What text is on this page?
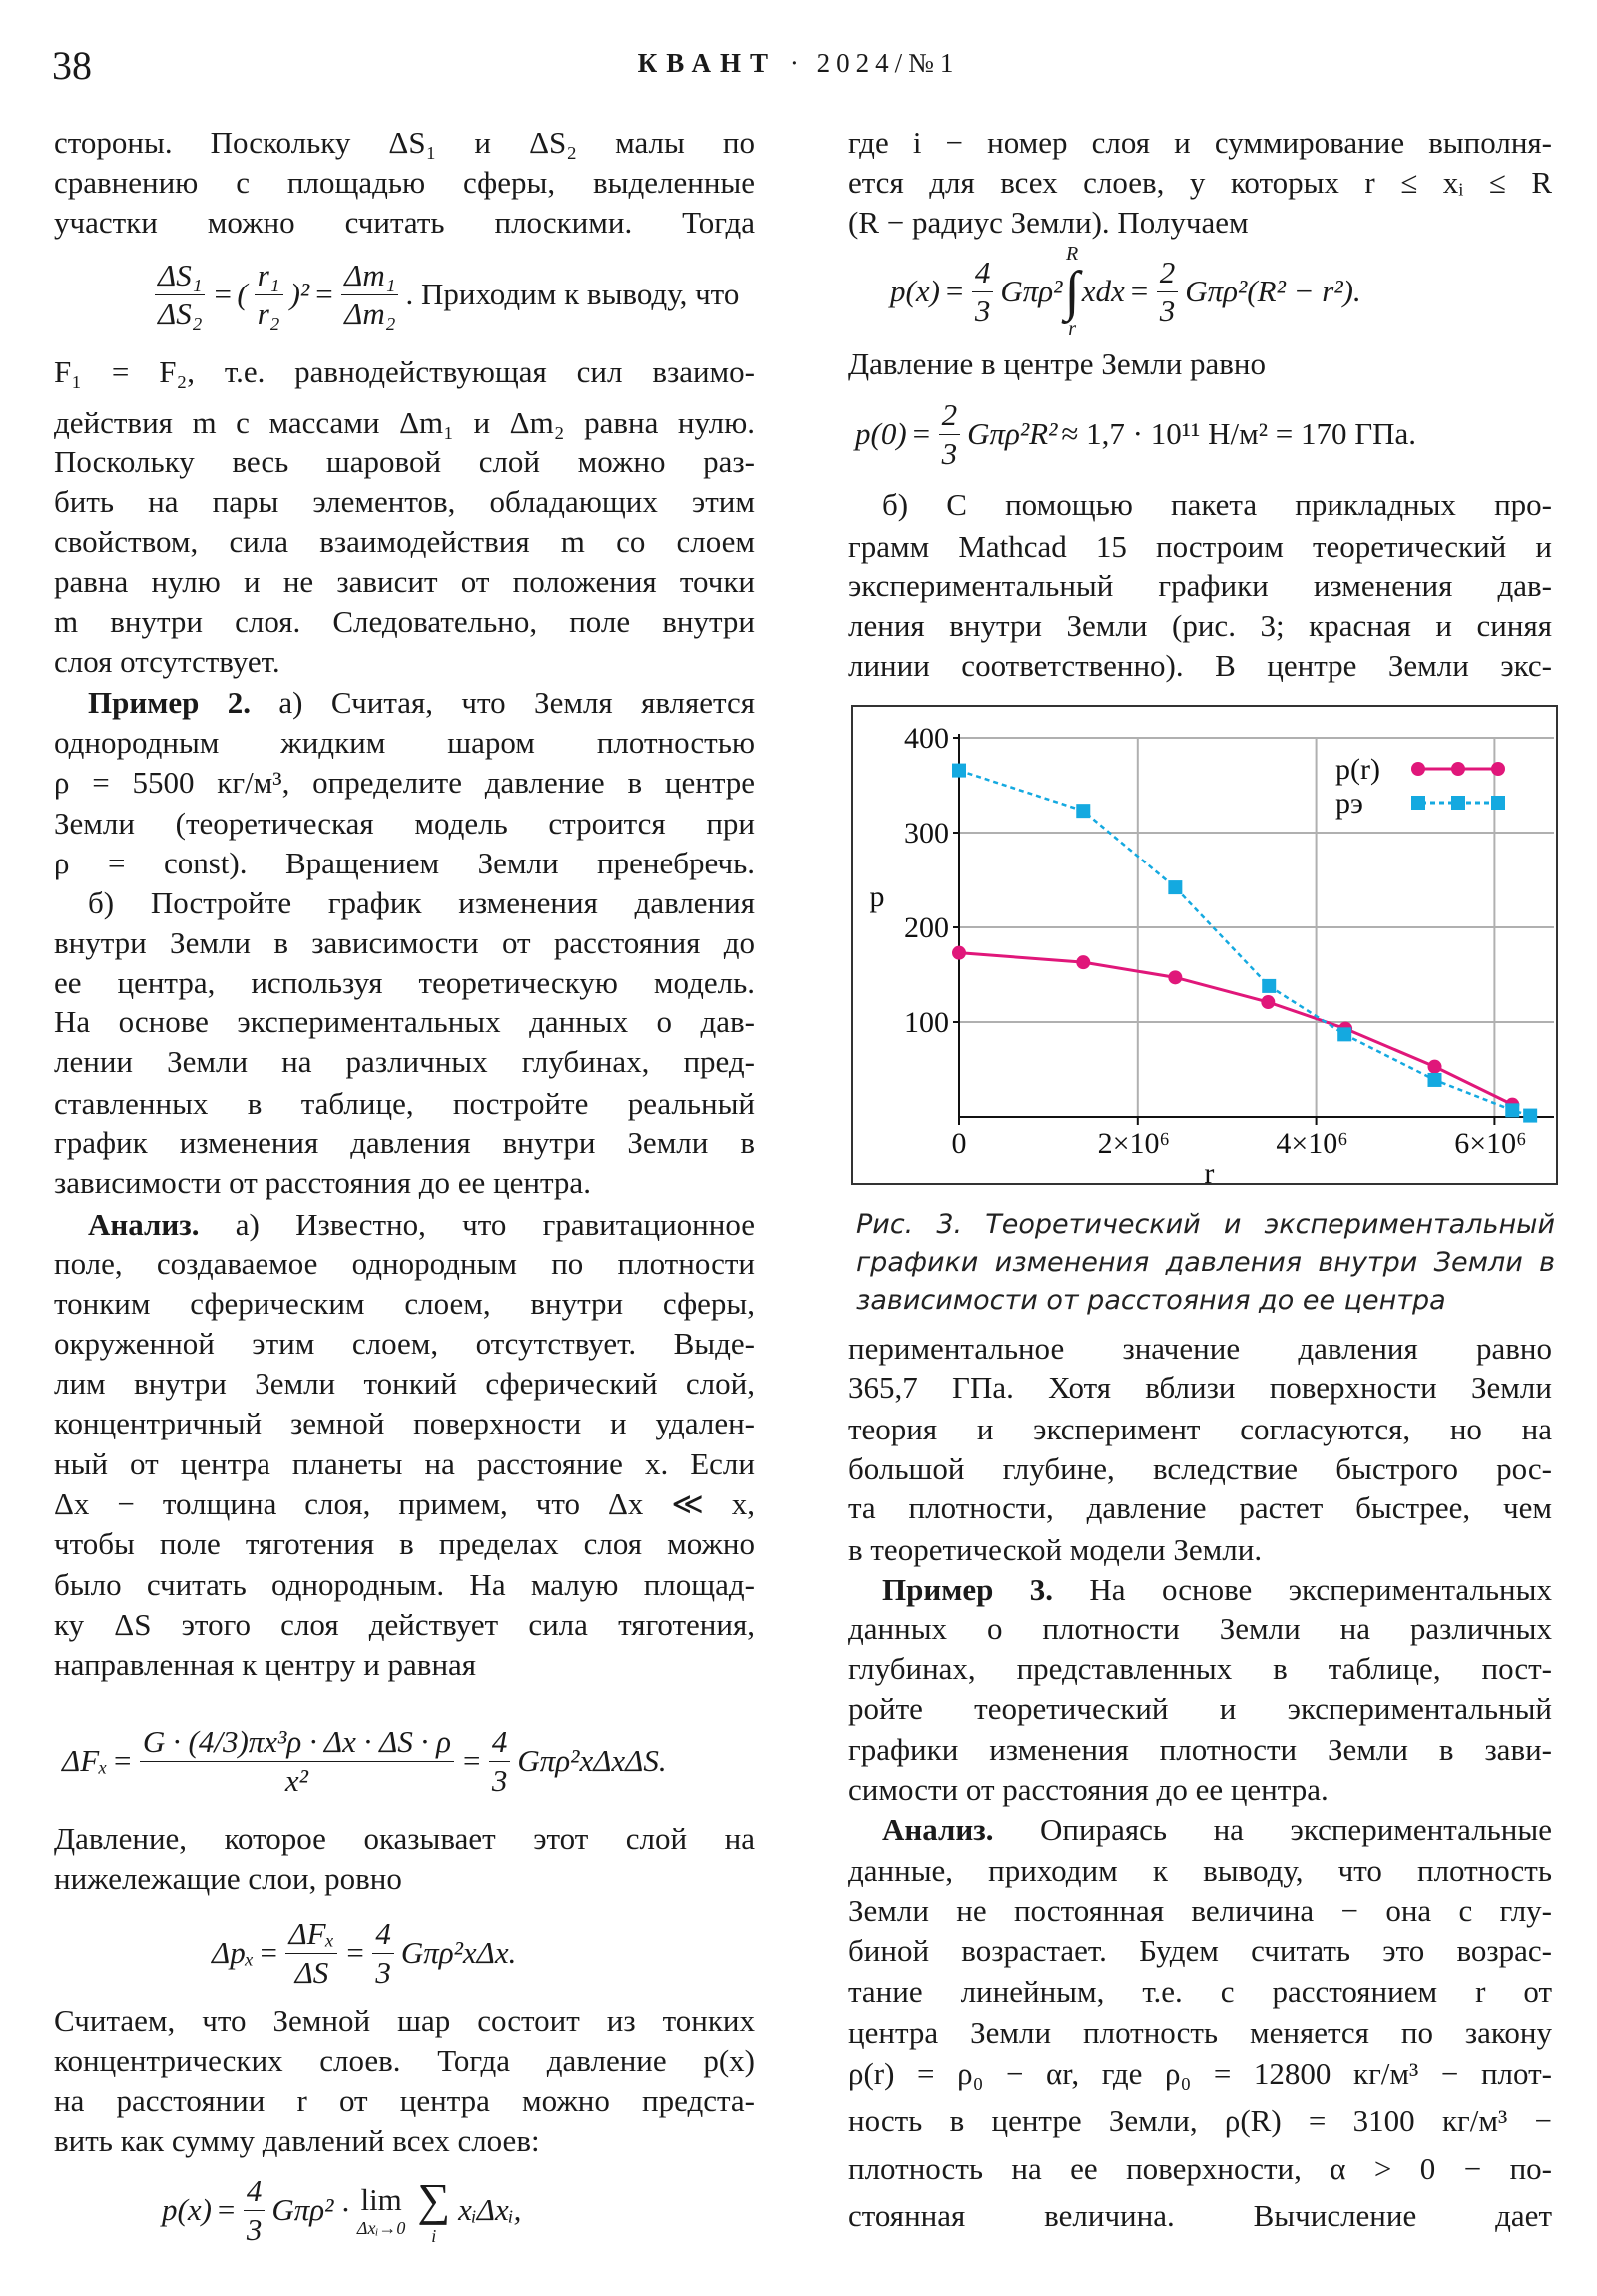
38	КВАНТ · 2024/№1
0	2×10⁶	4×10⁶	6×10⁶
100
200
300
400
r
p
p(r)
pэ
стороны. Поскольку ΔS₁ и ΔS₂ малы по
сравнению с площадью сферы, выделенные
участки можно считать плоскими. Тогда
$\frac{\text{ΔS₁}}{\text{ΔS₂}}$ = ( $\frac{\text{r₁}}{\text{r₂}} )^2 = \frac{\text{Δm₁}}{\text{Δm₂}}$ . Приходим к выводу, что
F₁ = F₂, т.е. равнодействующая сил взаимо-
действия m с массами Δm₁ и Δm₂ равна нулю.
Поскольку весь шаровой слой можно раз-
бить на пары элементов, обладающих этим
свойством, сила взаимодействия m со слоем
равна нулю и не зависит от положения точки
m внутри слоя. Следовательно, поле внутри
слоя отсутствует.
Пример 2. а) Считая, что Земля является
однородным жидким шаром плотностью
ρ = 5500 кг/м³, определите давление в центре
Земли (теоретическая модель строится при
ρ = const). Вращением Земли пренебречь.
б) Постройте график изменения давления
внутри Земли в зависимости от расстояния до
ее центра, используя теоретическую модель.
На основе экспериментальных данных о дав-
лении Земли на различных глубинах, пред-
ставленных в таблице, постройте реальный
график изменения давления внутри Земли в
зависимости от расстояния до ее центра.
Анализ. а) Известно, что гравитационное
поле, создаваемое однородным по плотности
тонким сферическим слоем, внутри сферы,
окруженной этим слоем, отсутствует. Выде-
лим внутри Земли тонкий сферический слой,
концентричный земной поверхности и удален-
ный от центра планеты на расстояние x. Если
Δx − толщина слоя, примем, что Δx ≪ x,
чтобы поле тяготения в пределах слоя можно
было считать однородным. На малую площад-
ку ΔS этого слоя действует сила тяготения,
направленная к центру и равная
$\Delta F_x = \frac{\text{G · (4/3)πx³ρ · Δx · ΔS · ρ}}{\text{x²}} = \frac{4}{3} G\pi\rho^2x\Delta x\Delta S$.
Давление, которое оказывает этот слой на
нижележащие слои, ровно
$\Delta p_x = \frac{\text{ΔFₓ}}{\Delta S} = \frac{4}{3} G\pi\rho^2x\Delta x$.
Считаем, что Земной шар состоит из тонких
концентрических слоев. Тогда давление p(x)
на расстоянии r от центра можно предста-
вить как сумму давлений всех слоев:
$p(x) = \frac{4}{3} G\pi\rho^2 \cdot \lim$
Δxᵢ→0
∑
i
xᵢΔxᵢ,
где i − номер слоя и суммирование выполня-
ется для всех слоев, у которых r ≤ xᵢ ≤ R
(R − радиус Земли). Получаем
$p(x) = \frac{4}{3} G\pi\rho^2$
R
∫
r
xdx = $\frac{2}{3} G\pi\rho^2(R^2 - r^2)$.
Давление в центре Земли равно
$p(0) = \frac{2}{3} G\pi\rho^2R^2 \approx 1,7 \cdot 10^{11}$ Н/м² = 170 ГПа.
б) С помощью пакета прикладных про-
грамм Mathcad 15 построим теоретический и
экспериментальный графики изменения дав-
ления внутри Земли (рис. 3; красная и синяя
линии соответственно). В центре Земли экс-
периментальное значение давления равно
365,7 ГПа. Хотя вблизи поверхности Земли
теория и эксперимент согласуются, но на
большой глубине, вследствие быстрого рос-
та плотности, давление растет быстрее, чем
в теоретической модели Земли.
Пример 3. На основе экспериментальных
данных о плотности Земли на различных
глубинах, представленных в таблице, пост-
ройте теоретический и экспериментальный
графики изменения плотности Земли в зави-
симости от расстояния до ее центра.
Анализ. Опираясь на экспериментальные
данные, приходим к выводу, что плотность
Земли не постоянная величина − она с глу-
биной возрастает. Будем считать это возрас-
тание линейным, т.е. с расстоянием r от
центра Земли плотность меняется по закону
ρ(r) = ρ₀ − αr, где ρ₀ = 12800 кг/м³ − плот-
ность в центре Земли, ρ(R) = 3100 кг/м³ −
плотность на ее поверхности, α > 0 − по-
стоянная величина. Вычисление дает
Рис. 3. Теоретический и экспериментальный
графики изменения давления внутри Земли в
зависимости от расстояния до ее центра
